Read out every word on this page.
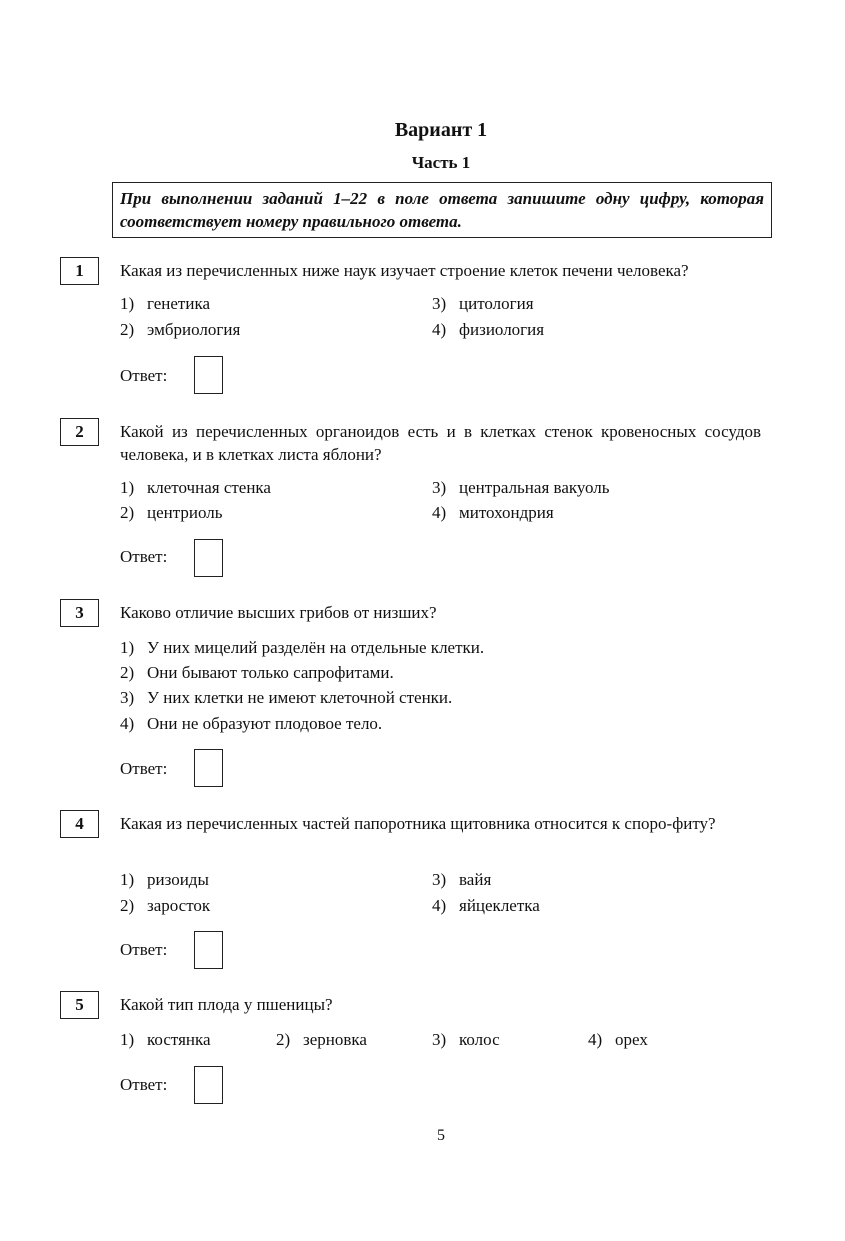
Вариант 1
Часть 1
При выполнении заданий 1–22 в поле ответа запишите одну цифру, которая соответствует номеру правильного ответа.
1	Какая из перечисленных ниже наук изучает строение клеток печени человека?
1) генетика
2) эмбриология
3) цитология
4) физиология
Ответ:
2	Какой из перечисленных органоидов есть и в клетках стенок кровеносных сосудов человека, и в клетках листа яблони?
1) клеточная стенка
2) центриоль
3) центральная вакуоль
4) митохондрия
Ответ:
3	Каково отличие высших грибов от низших?
1) У них мицелий разделён на отдельные клетки.
2) Они бывают только сапрофитами.
3) У них клетки не имеют клеточной стенки.
4) Они не образуют плодовое тело.
Ответ:
4	Какая из перечисленных частей папоротника щитовника относится к споро-фиту?
1) ризоиды
2) заросток
3) вайя
4) яйцеклетка
Ответ:
5	Какой тип плода у пшеницы?
1) костянка	2) зерновка	3) колос	4) орех
Ответ:
5
